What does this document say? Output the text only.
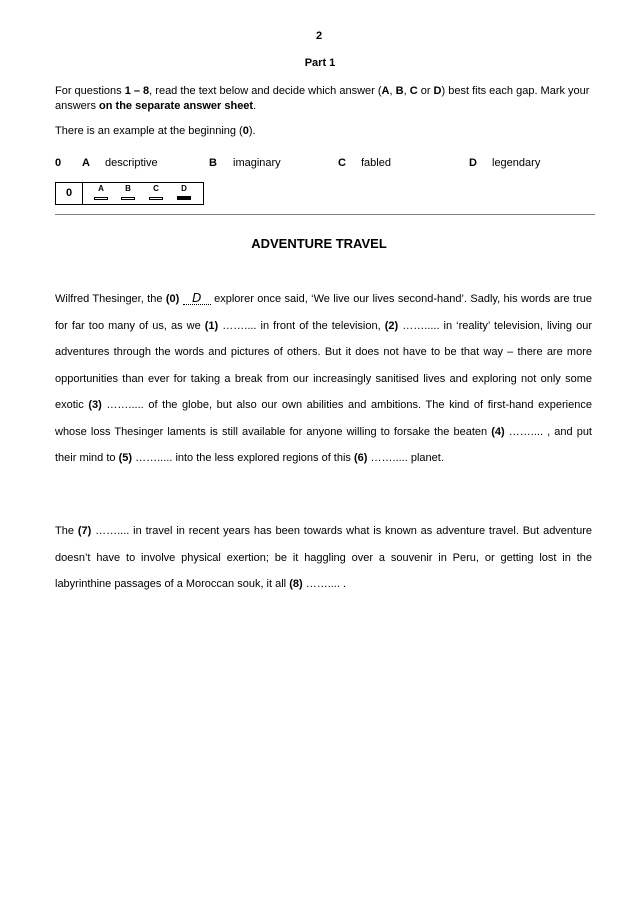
2
Part 1
For questions 1 – 8, read the text below and decide which answer (A, B, C or D) best fits each gap. Mark your answers on the separate answer sheet.
There is an example at the beginning (0).
0 A descriptive	B imaginary	C fabled	D legendary
0	A	B	C	D
ADVENTURE TRAVEL
Wilfred Thesinger, the (0) D explorer once said, ‘We live our lives second-hand’. Sadly, his words are true for far too many of us, as we (1) …….... in front of the television, (2) ……..... in ‘reality’ television, living our adventures through the words and pictures of others. But it does not have to be that way – there are more opportunities than ever for taking a break from our increasingly sanitised lives and exploring not only some exotic (3) ……..... of the globe, but also our own abilities and ambitions. The kind of first-hand experience whose loss Thesinger laments is still available for anyone willing to forsake the beaten (4) …….... , and put their mind to (5) ……..... into the less explored regions of this (6) ……..... planet.
The (7) …….... in travel in recent years has been towards what is known as adventure travel. But adventure doesn’t have to involve physical exertion; be it haggling over a souvenir in Peru, or getting lost in the labyrinthine passages of a Moroccan souk, it all (8) …….... .
